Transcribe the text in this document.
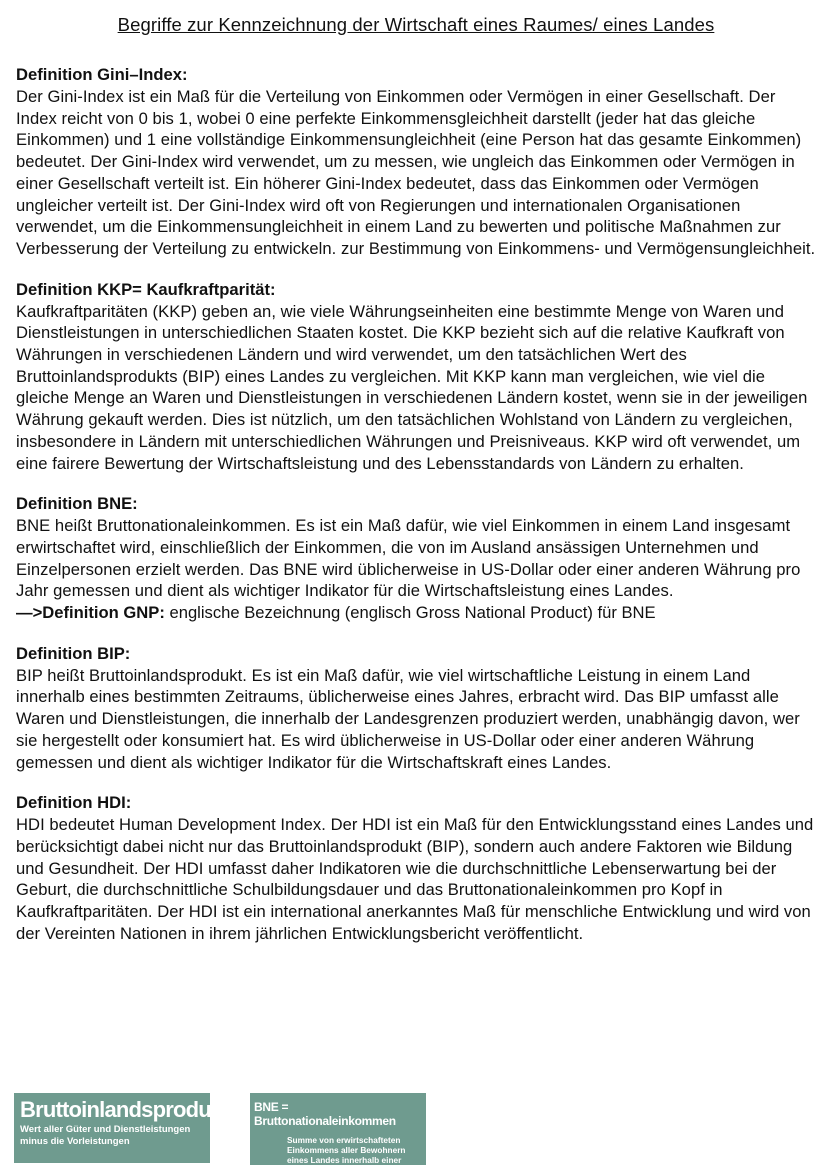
Begriffe zur Kennzeichnung der Wirtschaft eines Raumes/ eines Landes
Definition Gini–Index:
Der Gini-Index ist ein Maß für die Verteilung von Einkommen oder Vermögen in einer Gesellschaft. Der Index reicht von 0 bis 1, wobei 0 eine perfekte Einkommensgleichheit darstellt (jeder hat das gleiche Einkommen) und 1 eine vollständige Einkommensungleichheit (eine Person hat das gesamte Einkommen) bedeutet. Der Gini-Index wird verwendet, um zu messen, wie ungleich das Einkommen oder Vermögen in einer Gesellschaft verteilt ist. Ein höherer Gini-Index bedeutet, dass das Einkommen oder Vermögen ungleicher verteilt ist. Der Gini-Index wird oft von Regierungen und internationalen Organisationen verwendet, um die Einkommensungleichheit in einem Land zu bewerten und politische Maßnahmen zur Verbesserung der Verteilung zu entwickeln. zur Bestimmung von Einkommens- und Vermögensungleichheit.
Definition KKP= Kaufkraftparität:
Kaufkraftparitäten (KKP) geben an, wie viele Währungseinheiten eine bestimmte Menge von Waren und Dienstleistungen in unterschiedlichen Staaten kostet. Die KKP bezieht sich auf die relative Kaufkraft von Währungen in verschiedenen Ländern und wird verwendet, um den tatsächlichen Wert des Bruttoinlandsprodukts (BIP) eines Landes zu vergleichen. Mit KKP kann man vergleichen, wie viel die gleiche Menge an Waren und Dienstleistungen in verschiedenen Ländern kostet, wenn sie in der jeweiligen Währung gekauft werden. Dies ist nützlich, um den tatsächlichen Wohlstand von Ländern zu vergleichen, insbesondere in Ländern mit unterschiedlichen Währungen und Preisniveaus. KKP wird oft verwendet, um eine fairere Bewertung der Wirtschaftsleistung und des Lebensstandards von Ländern zu erhalten.
Definition BNE:
BNE heißt Bruttonationaleinkommen. Es ist ein Maß dafür, wie viel Einkommen in einem Land insgesamt erwirtschaftet wird, einschließlich der Einkommen, die von im Ausland ansässigen Unternehmen und Einzelpersonen erzielt werden. Das BNE wird üblicherweise in US-Dollar oder einer anderen Währung pro Jahr gemessen und dient als wichtiger Indikator für die Wirtschaftsleistung eines Landes.
—>Definition GNP: englische Bezeichnung (englisch Gross National Product) für BNE
Definition BIP:
BIP heißt Bruttoinlandsprodukt. Es ist ein Maß dafür, wie viel wirtschaftliche Leistung in einem Land innerhalb eines bestimmten Zeitraums, üblicherweise eines Jahres, erbracht wird. Das BIP umfasst alle Waren und Dienstleistungen, die innerhalb der Landesgrenzen produziert werden, unabhängig davon, wer sie hergestellt oder konsumiert hat. Es wird üblicherweise in US-Dollar oder einer anderen Währung gemessen und dient als wichtiger Indikator für die Wirtschaftskraft eines Landes.
Definition HDI:
HDI bedeutet Human Development Index. Der HDI ist ein Maß für den Entwicklungsstand eines Landes und berücksichtigt dabei nicht nur das Bruttoinlandsprodukt (BIP), sondern auch andere Faktoren wie Bildung und Gesundheit. Der HDI umfasst daher Indikatoren wie die durchschnittliche Lebenserwartung bei der Geburt, die durchschnittliche Schulbildungsdauer und das Bruttonationaleinkommen pro Kopf in Kaufkraftparitäten. Der HDI ist ein international anerkanntes Maß für menschliche Entwicklung und wird von der Vereinten Nationen in ihrem jährlichen Entwicklungsbericht veröffentlicht.
Bruttoinlandsprodukt
Wert aller Güter und Dienstleistungen minus die Vorleistungen
BNE = Bruttonationaleinkommen
Summe von erwirtschafteten Einkommens aller Bewohnern eines Landes innerhalb einer bestimmten Periode
